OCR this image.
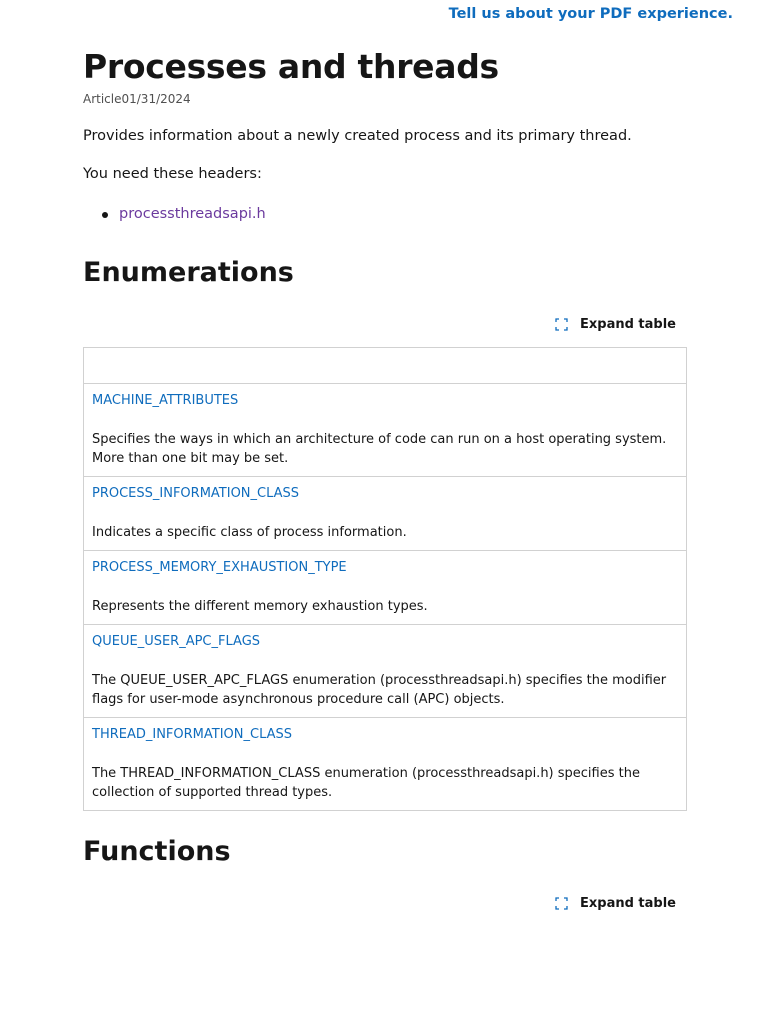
Tell us about your PDF experience.
Processes and threads
Article01/31/2024

Provides information about a newly created process and its primary thread.

You need these headers:

processthreadsapi.h
Enumerations
Expand table

MACHINE_ATTRIBUTES
Specifies the ways in which an architecture of code can run on a host operating system. More than one bit may be set.

PROCESS_INFORMATION_CLASS
Indicates a specific class of process information.

PROCESS_MEMORY_EXHAUSTION_TYPE
Represents the different memory exhaustion types.

QUEUE_USER_APC_FLAGS
The QUEUE_USER_APC_FLAGS enumeration (processthreadsapi.h) specifies the modifier flags for user-mode asynchronous procedure call (APC) objects.

THREAD_INFORMATION_CLASS
The THREAD_INFORMATION_CLASS enumeration (processthreadsapi.h) specifies the collection of supported thread types.
Functions
Expand table
